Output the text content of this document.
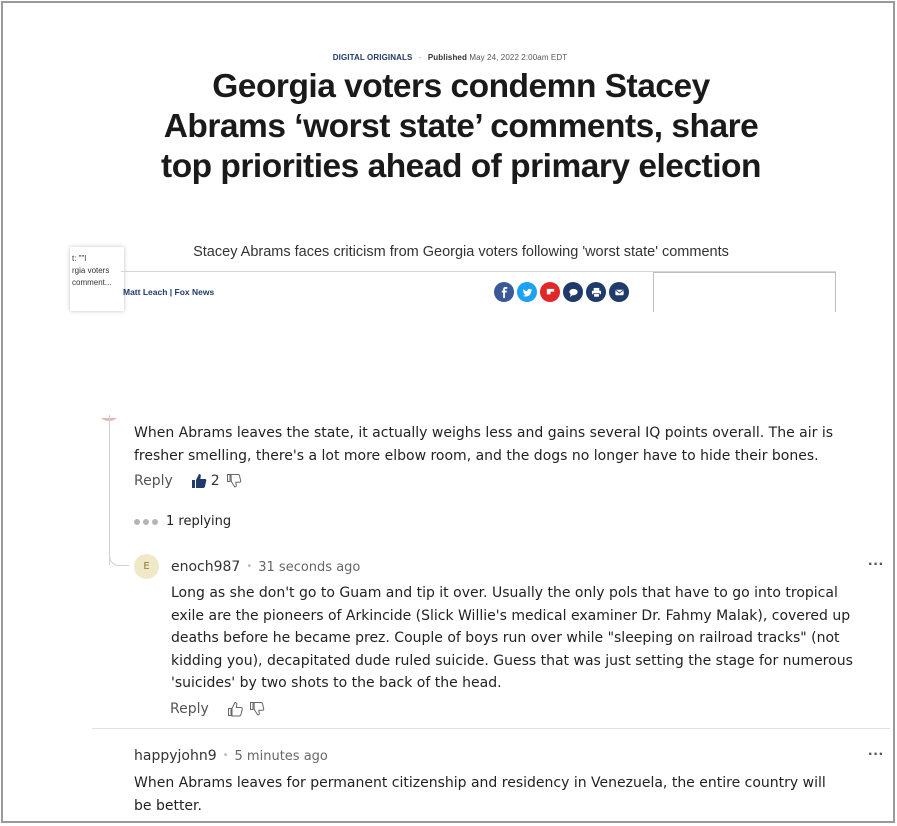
DIGITAL ORIGINALS - Published May 24, 2022 2:00am EDT
Georgia voters condemn Stacey Abrams ‘worst state’ comments, share top priorities ahead of primary election
Stacey Abrams faces criticism from Georgia voters following 'worst state' comments
t: ""l
rgia voters
comment...
Matt Leach | Fox News
When Abrams leaves the state, it actually weighs less and gains several IQ points overall. The air is fresher smelling, there's a lot more elbow room, and the dogs no longer have to hide their bones.
Reply	2
1 replying
E enoch987 • 31 seconds ago	···
Long as she don't go to Guam and tip it over. Usually the only pols that have to go into tropical exile are the pioneers of Arkincide (Slick Willie's medical examiner Dr. Fahmy Malak), covered up deaths before he became prez. Couple of boys run over while "sleeping on railroad tracks" (not kidding you), decapitated dude ruled suicide. Guess that was just setting the stage for numerous 'suicides' by two shots to the back of the head.
Reply
happyjohn9 • 5 minutes ago	···
When Abrams leaves for permanent citizenship and residency in Venezuela, the entire country will be better.
